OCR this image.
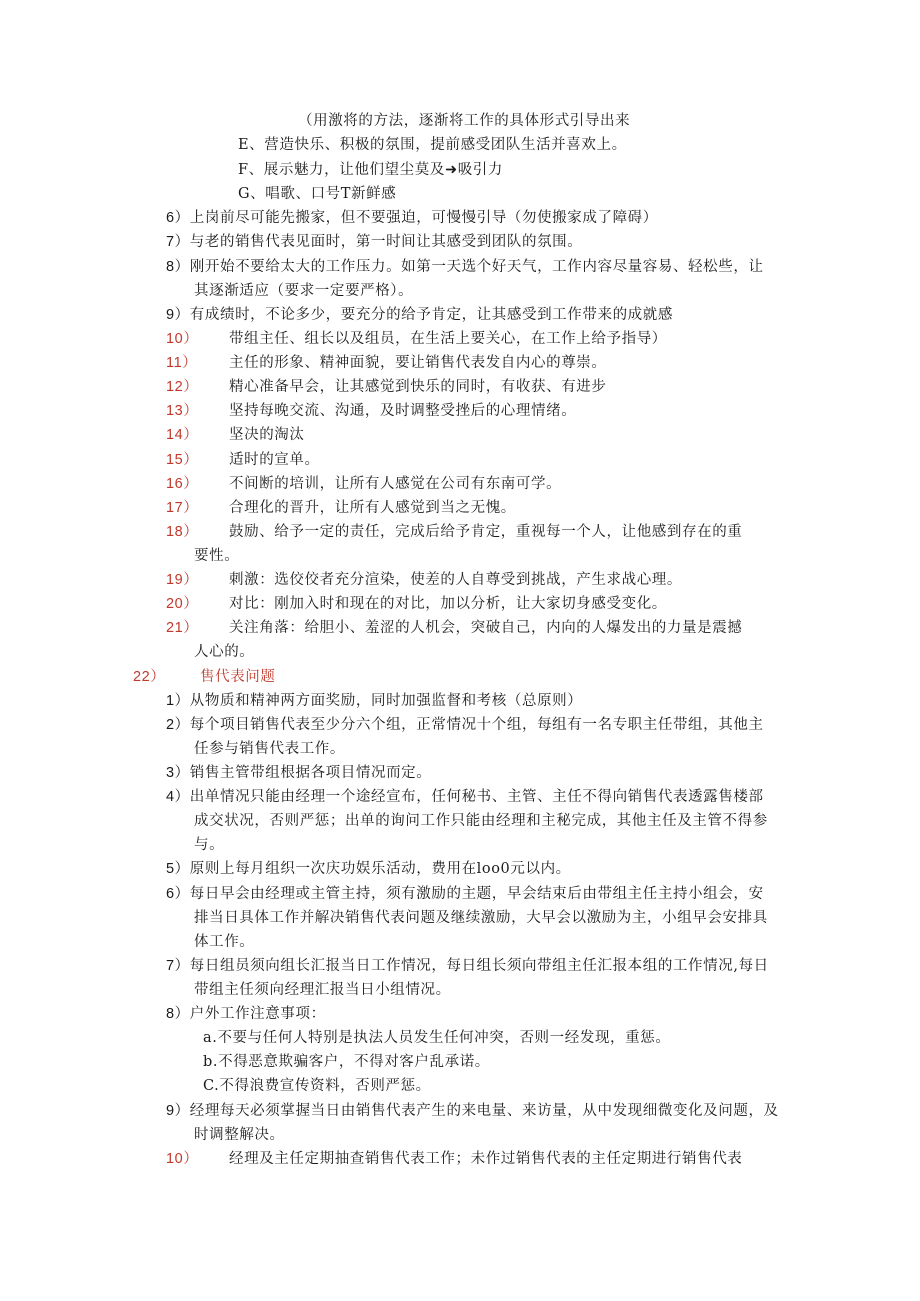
（用激将的方法，逐渐将工作的具体形式引导出来
E、营造快乐、积极的氛围，提前感受团队生活并喜欢上。
F、展示魅力，让他们望尘莫及➜吸引力
G、唱歌、口号T新鲜感
6）上岗前尽可能先搬家，但不要强迫，可慢慢引导（勿使搬家成了障碍）
7）与老的销售代表见面时，第一时间让其感受到团队的氛围。
8）刚开始不要给太大的工作压力。如第一天选个好天气，工作内容尽量容易、轻松些，让
其逐渐适应（要求一定要严格）。
9）有成绩时，不论多少，要充分的给予肯定，让其感受到工作带来的成就感
10） 带组主任、组长以及组员，在生活上要关心，在工作上给予指导）
11） 主任的形象、精神面貌，要让销售代表发自内心的尊崇。
12） 精心准备早会，让其感觉到快乐的同时，有收获、有进步
13） 坚持每晚交流、沟通，及时调整受挫后的心理情绪。
14） 坚决的淘汰
15） 适时的宣单。
16） 不间断的培训，让所有人感觉在公司有东南可学。
17） 合理化的晋升，让所有人感觉到当之无愧。
18） 鼓励、给予一定的责任，完成后给予肯定，重视每一个人，让他感到存在的重
要性。
19） 刺激：选佼佼者充分渲染，使差的人自尊受到挑战，产生求战心理。
20） 对比：刚加入时和现在的对比，加以分析，让大家切身感受变化。
21） 关注角落：给胆小、羞涩的人机会，突破自己，内向的人爆发出的力量是震撼
人心的。
22） 售代表问题
1）从物质和精神两方面奖励，同时加强监督和考核（总原则）
2）每个项目销售代表至少分六个组，正常情况十个组，每组有一名专职主任带组，其他主
任参与销售代表工作。
3）销售主管带组根据各项目情况而定。
4）出单情况只能由经理一个途经宣布，任何秘书、主管、主任不得向销售代表透露售楼部
成交状况，否则严惩；出单的询问工作只能由经理和主秘完成，其他主任及主管不得参
与。
5）原则上每月组织一次庆功娱乐活动，费用在loo0元以内。
6）每日早会由经理或主管主持，须有激励的主题，早会结束后由带组主任主持小组会，安
排当日具体工作并解决销售代表问题及继续激励，大早会以激励为主，小组早会安排具
体工作。
7）每日组员须向组长汇报当日工作情况，每日组长须向带组主任汇报本组的工作情况,每日
带组主任须向经理汇报当日小组情况。
8）户外工作注意事项：
a.不要与任何人特别是执法人员发生任何冲突，否则一经发现，重惩。
b.不得恶意欺骗客户，不得对客户乱承诺。
C.不得浪费宣传资料，否则严惩。
9）经理每天必须掌握当日由销售代表产生的来电量、来访量，从中发现细微变化及问题，及
时调整解决。
10） 经理及主任定期抽查销售代表工作；未作过销售代表的主任定期进行销售代表
